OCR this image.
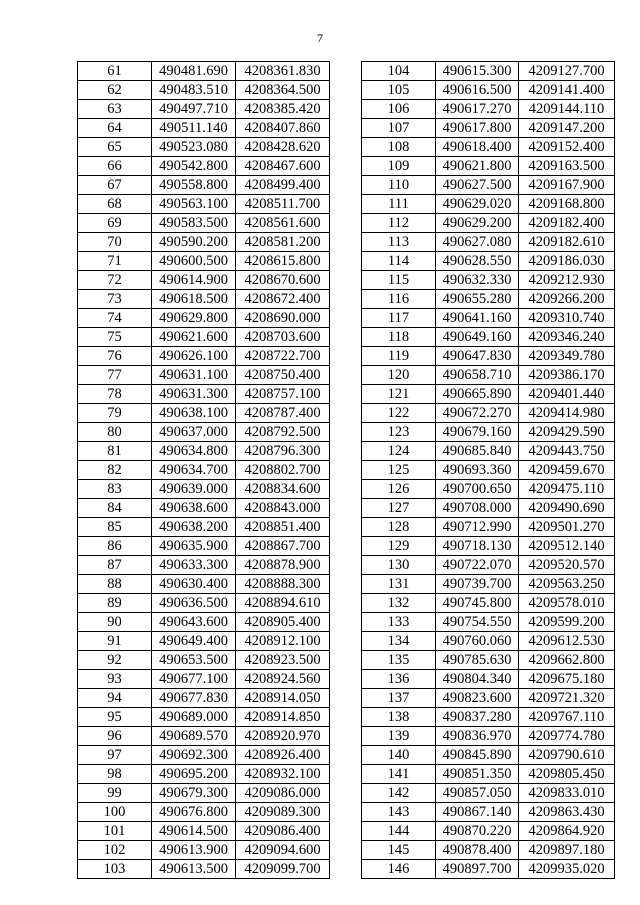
7
61	490481.690	4208361.830
62	490483.510	4208364.500
63	490497.710	4208385.420
64	490511.140	4208407.860
65	490523.080	4208428.620
66	490542.800	4208467.600
67	490558.800	4208499.400
68	490563.100	4208511.700
69	490583.500	4208561.600
70	490590.200	4208581.200
71	490600.500	4208615.800
72	490614.900	4208670.600
73	490618.500	4208672.400
74	490629.800	4208690.000
75	490621.600	4208703.600
76	490626.100	4208722.700
77	490631.100	4208750.400
78	490631.300	4208757.100
79	490638.100	4208787.400
80	490637.000	4208792.500
81	490634.800	4208796.300
82	490634.700	4208802.700
83	490639.000	4208834.600
84	490638.600	4208843.000
85	490638.200	4208851.400
86	490635.900	4208867.700
87	490633.300	4208878.900
88	490630.400	4208888.300
89	490636.500	4208894.610
90	490643.600	4208905.400
91	490649.400	4208912.100
92	490653.500	4208923.500
93	490677.100	4208924.560
94	490677.830	4208914.050
95	490689.000	4208914.850
96	490689.570	4208920.970
97	490692.300	4208926.400
98	490695.200	4208932.100
99	490679.300	4209086.000
100	490676.800	4209089.300
101	490614.500	4209086.400
102	490613.900	4209094.600
103	490613.500	4209099.700
104	490615.300	4209127.700
105	490616.500	4209141.400
106	490617.270	4209144.110
107	490617.800	4209147.200
108	490618.400	4209152.400
109	490621.800	4209163.500
110	490627.500	4209167.900
111	490629.020	4209168.800
112	490629.200	4209182.400
113	490627.080	4209182.610
114	490628.550	4209186.030
115	490632.330	4209212.930
116	490655.280	4209266.200
117	490641.160	4209310.740
118	490649.160	4209346.240
119	490647.830	4209349.780
120	490658.710	4209386.170
121	490665.890	4209401.440
122	490672.270	4209414.980
123	490679.160	4209429.590
124	490685.840	4209443.750
125	490693.360	4209459.670
126	490700.650	4209475.110
127	490708.000	4209490.690
128	490712.990	4209501.270
129	490718.130	4209512.140
130	490722.070	4209520.570
131	490739.700	4209563.250
132	490745.800	4209578.010
133	490754.550	4209599.200
134	490760.060	4209612.530
135	490785.630	4209662.800
136	490804.340	4209675.180
137	490823.600	4209721.320
138	490837.280	4209767.110
139	490836.970	4209774.780
140	490845.890	4209790.610
141	490851.350	4209805.450
142	490857.050	4209833.010
143	490867.140	4209863.430
144	490870.220	4209864.920
145	490878.400	4209897.180
146	490897.700	4209935.020
